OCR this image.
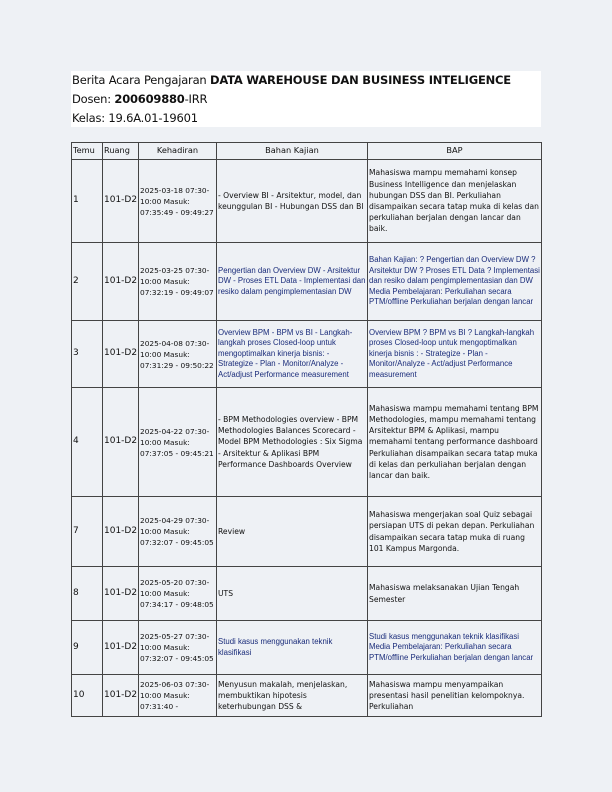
Berita Acara Pengajaran DATA WAREHOUSE DAN BUSINESS INTELIGENCE
Dosen: 200609880-IRR
Kelas: 19.6A.01-19601
Temu	Ruang	Kehadiran	Bahan Kajian	BAP
1	101-D2	2025-03-18 07:30-10:00 Masuk: 07:35:49 - 09:49:27	- Overview BI - Arsitektur, model, dan keunggulan BI - Hubungan DSS dan BI	Mahasiswa mampu memahami konsep Business Intelligence dan menjelaskan hubungan DSS dan BI. Perkuliahan disampaikan secara tatap muka di kelas dan perkuliahan berjalan dengan lancar dan baik.
2	101-D2	2025-03-25 07:30-10:00 Masuk: 07:32:19 - 09:49:07	Pengertian dan Overview DW - Arsitektur DW - Proses ETL Data - Implementasi dan resiko dalam pengimplementasian DW	Bahan Kajian: ? Pengertian dan Overview DW ? Arsitektur DW ? Proses ETL Data ? Implementasi dan resiko dalam pengimplementasian dan DW Media Pembelajaran: Perkuliahan secara PTM/offline Perkuliahan berjalan dengan lancar
3	101-D2	2025-04-08 07:30-10:00 Masuk: 07:31:29 - 09:50:22	Overview BPM - BPM vs BI - Langkah-langkah proses Closed-loop untuk mengoptimalkan kinerja bisnis: - Strategize - Plan - Monitor/Analyze - Act/adjust Performance measurement	Overview BPM ? BPM vs BI ? Langkah-langkah proses Closed-loop untuk mengoptimalkan kinerja bisnis : - Strategize - Plan - Monitor/Analyze - Act/adjust Performance measurement
4	101-D2	2025-04-22 07:30-10:00 Masuk: 07:37:05 - 09:45:21	- BPM Methodologies overview - BPM Methodologies Balances Scorecard - Model BPM Methodologies : Six Sigma - Arsitektur & Aplikasi BPM Performance Dashboards Overview	Mahasiswa mampu memahami tentang BPM Methodologies, mampu memahami tentang Arsitektur BPM & Aplikasi, mampu memahami tentang performance dashboard Perkuliahan disampaikan secara tatap muka di kelas dan perkuliahan berjalan dengan lancar dan baik.
7	101-D2	2025-04-29 07:30-10:00 Masuk: 07:32:07 - 09:45:05	Review	Mahasiswa mengerjakan soal Quiz sebagai persiapan UTS di pekan depan. Perkuliahan disampaikan secara tatap muka di ruang 101 Kampus Margonda.
8	101-D2	2025-05-20 07:30-10:00 Masuk: 07:34:17 - 09:48:05	UTS	Mahasiswa melaksanakan Ujian Tengah Semester
9	101-D2	2025-05-27 07:30-10:00 Masuk: 07:32:07 - 09:45:05	Studi kasus menggunakan teknik klasifikasi	Studi kasus menggunakan teknik klasifikasi Media Pembelajaran: Perkuliahan secara PTM/offline Perkuliahan berjalan dengan lancar
10	101-D2	2025-06-03 07:30-10:00 Masuk: 07:31:40 -	Menyusun makalah, menjelaskan, membuktikan hipotesis keterhubungan DSS &	Mahasiswa mampu menyampaikan presentasi hasil penelitian kelompoknya. Perkuliahan
